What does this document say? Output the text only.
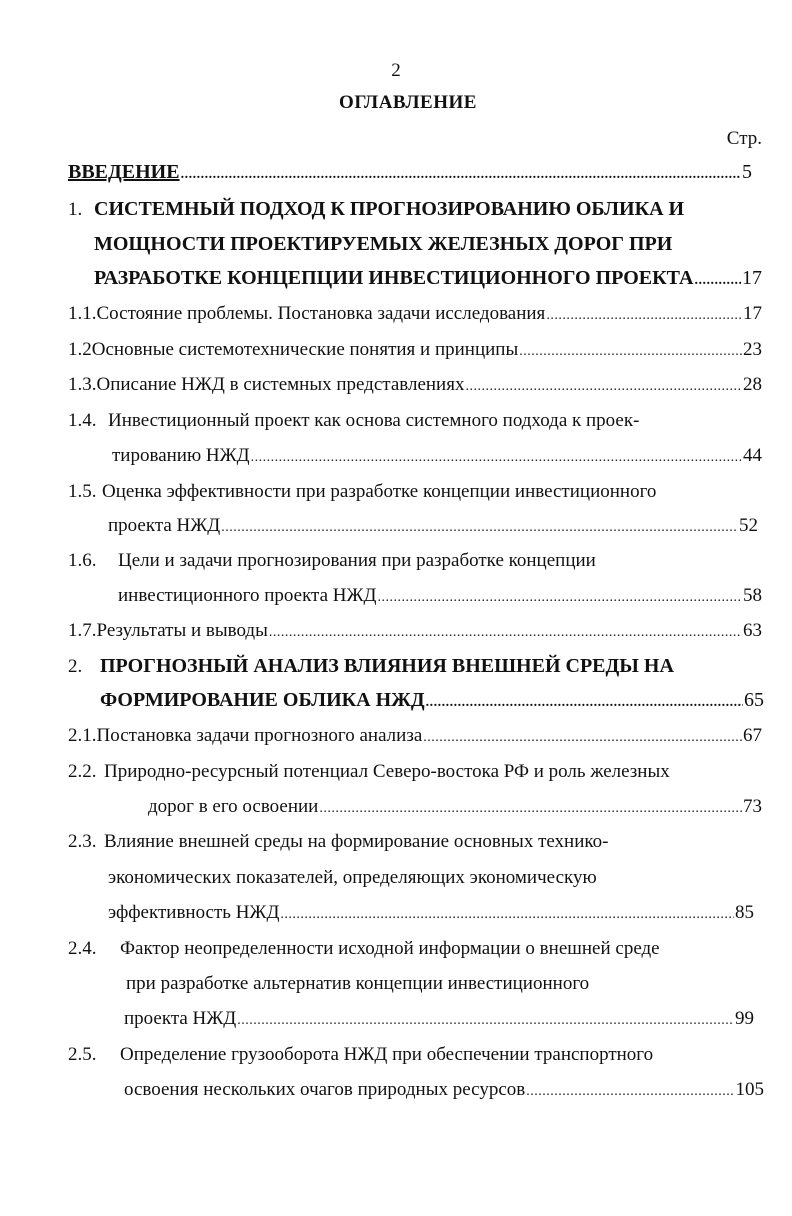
2
ОГЛАВЛЕНИЕ
Стр.
ВВЕДЕНИЕ .....	5
1. СИСТЕМНЫЙ ПОДХОД К ПРОГНОЗИРОВАНИЮ ОБЛИКА И
МОЩНОСТИ ПРОЕКТИРУЕМЫХ ЖЕЛЕЗНЫХ ДОРОГ ПРИ
РАЗРАБОТКЕ КОНЦЕПЦИИ ИНВЕСТИЦИОННОГО ПРОЕКТА ..... 17
1.1. Состояние проблемы. Постановка задачи исследования .....	17
1.2 Основные системотехнические понятия и принципы .....	23
1.3. Описание НЖД в системных представлениях .....	28
1.4. Инвестиционный проект как основа системного подхода к проек-
тированию НЖД .....	44
1.5. Оценка эффективности при разработке концепции инвестиционного
проекта НЖД .....	52
1.6.	Цели и задачи прогнозирования при разработке концепции
инвестиционного проекта НЖД .....	58
1.7. Результаты и выводы .....	63
2. ПРОГНОЗНЫЙ АНАЛИЗ ВЛИЯНИЯ ВНЕШНЕЙ СРЕДЫ НА
ФОРМИРОВАНИЕ ОБЛИКА НЖД .....	65
2.1. Постановка задачи прогнозного анализа .....	67
2.2. Природно-ресурсный потенциал Северо-востока РФ и роль железных
дорог в его освоении .....	73
2.3. Влияние внешней среды на формирование основных технико-
экономических показателей, определяющих экономическую
эффективность НЖД .....	85
2.4.	Фактор неопределенности исходной информации о внешней среде
при разработке альтернатив концепции инвестиционного
проекта НЖД .....	99
2.5.	Определение грузооборота НЖД при обеспечении транспортного
освоения нескольких очагов природных ресурсов .....	105
